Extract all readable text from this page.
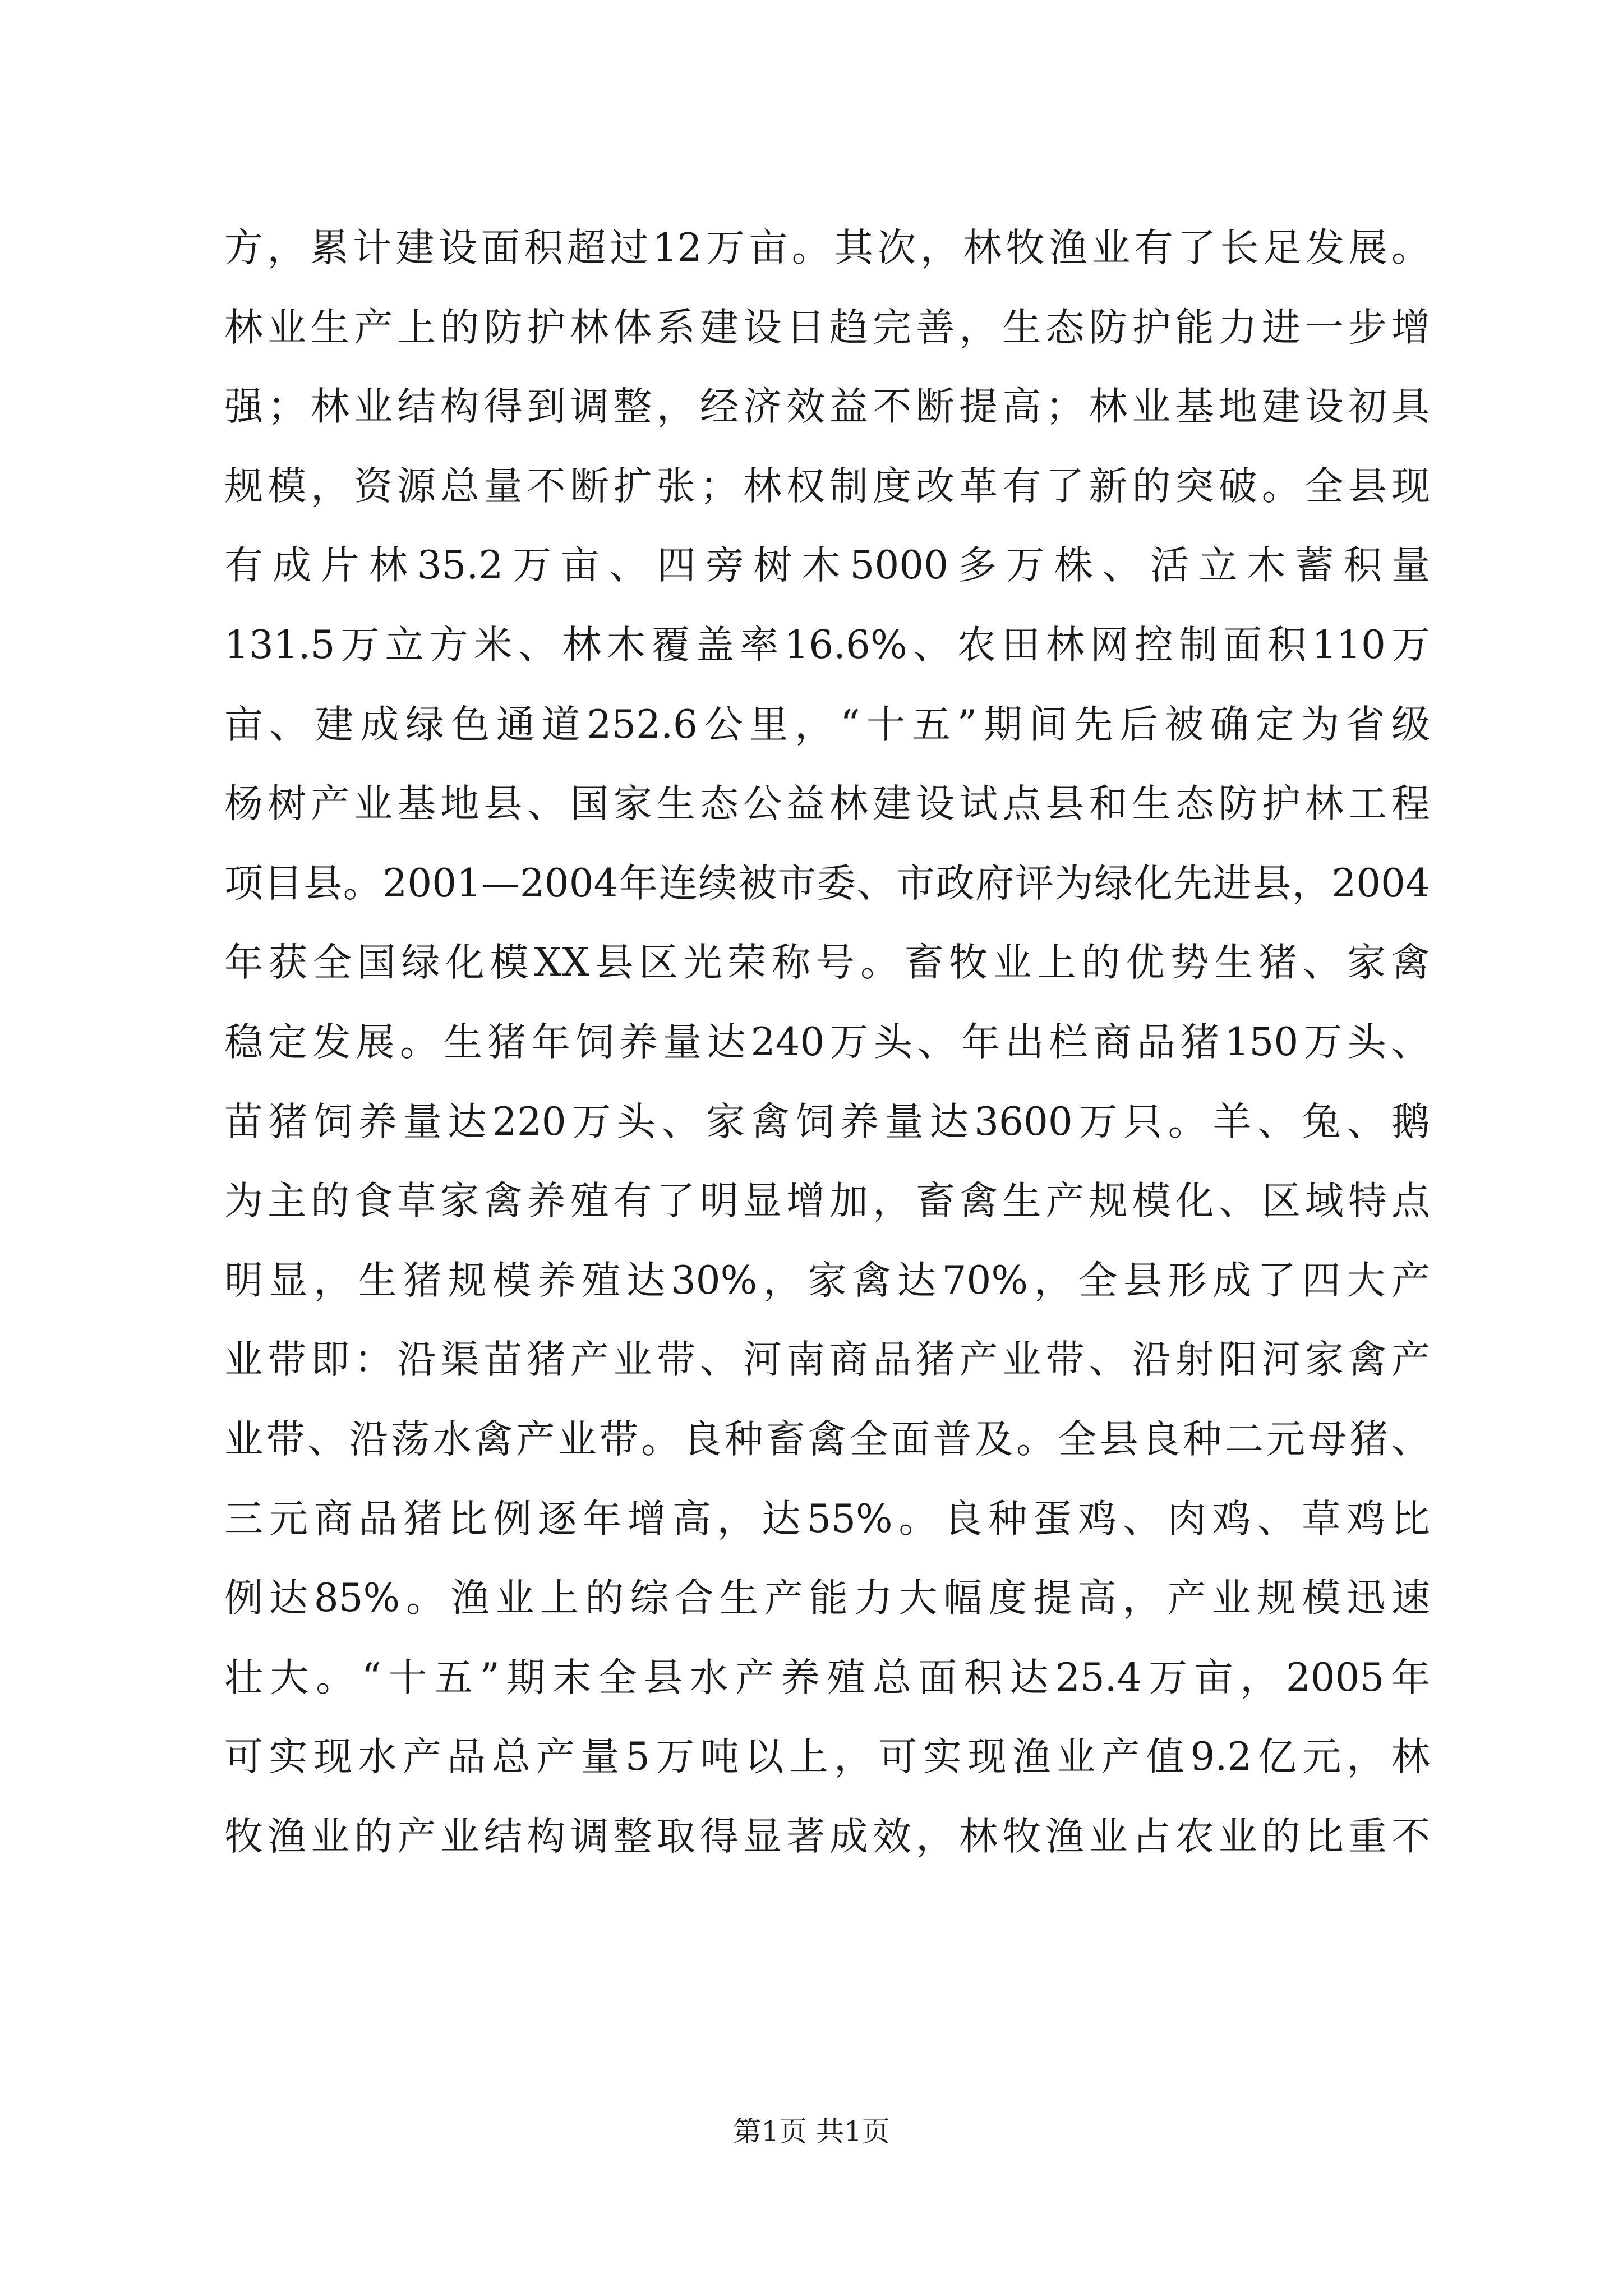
方，累计建设面积超过12万亩。其次，林牧渔业有了长足发展。
林业生产上的防护林体系建设日趋完善，生态防护能力进一步增
强；林业结构得到调整，经济效益不断提高；林业基地建设初具
规模，资源总量不断扩张；林权制度改革有了新的突破。全县现
有成片林35.2万亩、四旁树木5000多万株、活立木蓄积量
131.5万立方米、林木覆盖率16.6%、农田林网控制面积110万
亩、建成绿色通道252.6公里，“十五”期间先后被确定为省级
杨树产业基地县、国家生态公益林建设试点县和生态防护林工程
项目县。2001—2004年连续被市委、市政府评为绿化先进县，2004
年获全国绿化模XX县区光荣称号。畜牧业上的优势生猪、家禽
稳定发展。生猪年饲养量达240万头、年出栏商品猪150万头、
苗猪饲养量达220万头、家禽饲养量达3600万只。羊、兔、鹅
为主的食草家禽养殖有了明显增加，畜禽生产规模化、区域特点
明显，生猪规模养殖达30%，家禽达70%，全县形成了四大产
业带即：沿渠苗猪产业带、河南商品猪产业带、沿射阳河家禽产
业带、沿荡水禽产业带。良种畜禽全面普及。全县良种二元母猪、
三元商品猪比例逐年增高，达55%。良种蛋鸡、肉鸡、草鸡比
例达85%。渔业上的综合生产能力大幅度提高，产业规模迅速
壮大。“十五”期末全县水产养殖总面积达25.4万亩，2005年
可实现水产品总产量5万吨以上，可实现渔业产值9.2亿元，林
牧渔业的产业结构调整取得显著成效，林牧渔业占农业的比重不
第1页 共1页
